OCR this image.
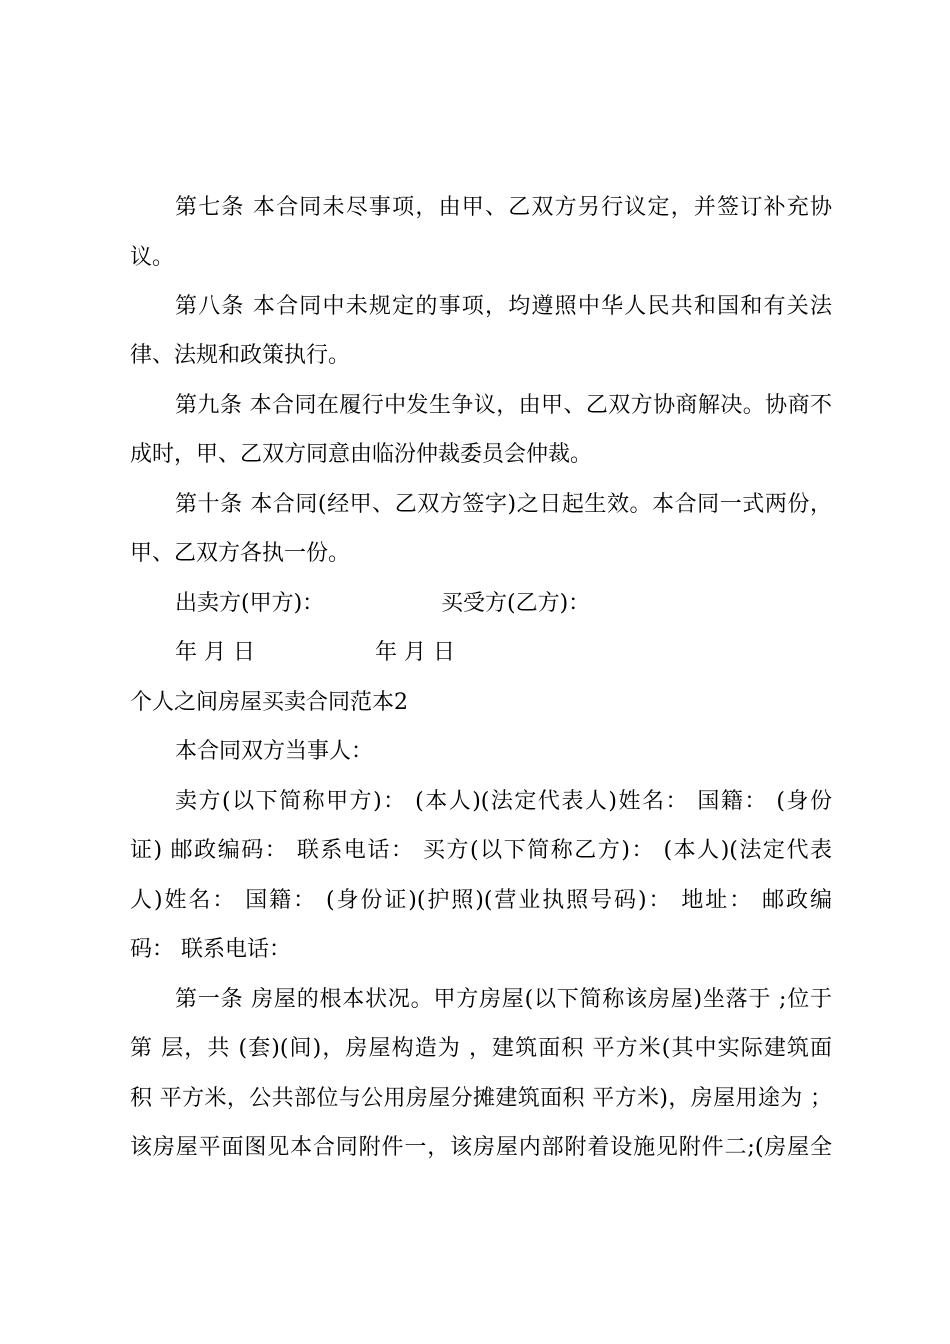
第七条 本合同未尽事项，由甲、乙双方另行议定，并签订补充协
议。
第八条 本合同中未规定的事项，均遵照中华人民共和国和有关法
律、法规和政策执行。
第九条 本合同在履行中发生争议，由甲、乙双方协商解决。协商不
成时，甲、乙双方同意由临汾仲裁委员会仲裁。
第十条 本合同(经甲、乙双方签字)之日起生效。本合同一式两份，
甲、乙双方各执一份。
出卖方(甲方)：	买受方(乙方)：
年 月 日	年 月 日
个人之间房屋买卖合同范本2
本合同双方当事人：
卖方(以下简称甲方)： (本人)(法定代表人)姓名： 国籍： (身份
证) 邮政编码： 联系电话： 买方(以下简称乙方)： (本人)(法定代表
人)姓名： 国籍： (身份证)(护照)(营业执照号码)： 地址： 邮政编
码： 联系电话：
第一条 房屋的根本状况。甲方房屋(以下简称该房屋)坐落于 ;位于
第 层，共 (套)(间)，房屋构造为 ，建筑面积 平方米(其中实际建筑面
积 平方米，公共部位与公用房屋分摊建筑面积 平方米)，房屋用途为 ；
该房屋平面图见本合同附件一，该房屋内部附着设施见附件二;(房屋全
